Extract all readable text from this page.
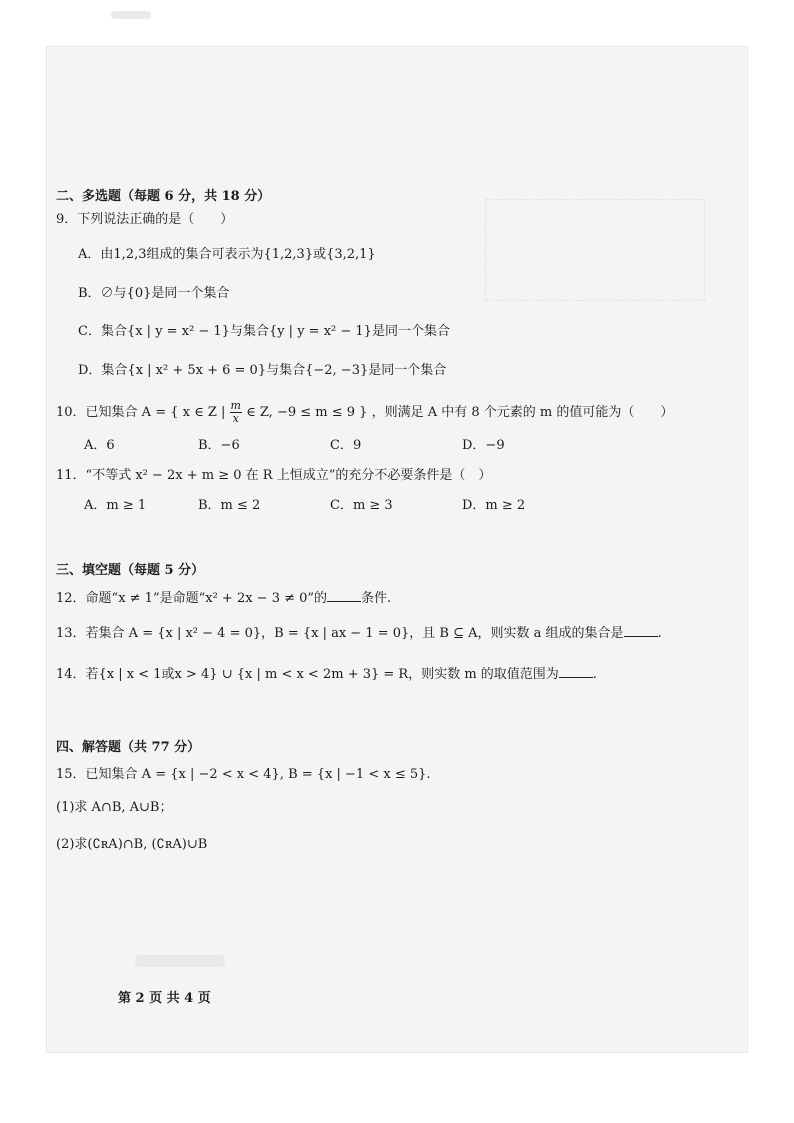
二、多选题（每题 6 分，共 18 分）
9．下列说法正确的是（　　）
A．由1,2,3组成的集合可表示为{1,2,3}或{3,2,1}
B．∅与{0}是同一个集合
C．集合{x | y = x² − 1}与集合{y | y = x² − 1}是同一个集合
D．集合{x | x² + 5x + 6 = 0}与集合{−2, −3}是同一个集合
10．已知集合 A = { x ∈ Z | $\frac{m}{x}$ ∈ Z, −9 ≤ m ≤ 9 } ，则满足 A 中有 8 个元素的 m 的值可能为（　　）
A．6	B．−6	C．9	D．−9
11．“不等式 x² − 2x + m ≥ 0 在 R 上恒成立”的充分不必要条件是（　）
A．m ≥ 1	B．m ≤ 2	C．m ≥ 3	D．m ≥ 2
三、填空题（每题 5 分）
12．命题“x ≠ 1”是命题“x² + 2x − 3 ≠ 0”的	条件.
13．若集合 A = {x | x² − 4 = 0}，B = {x | ax − 1 = 0}，且 B ⊆ A，则实数 a 组成的集合是	.
14．若{x | x < 1或x > 4} ∪ {x | m < x < 2m + 3} = R，则实数 m 的取值范围为	.
四、解答题（共 77 分）
15．已知集合 A = {x | −2 < x < 4}, B = {x | −1 < x ≤ 5}.
(1)求 A∩B, A∪B；
(2)求(∁ʀA)∩B, (∁ʀA)∪B
第 2 页 共 4 页
